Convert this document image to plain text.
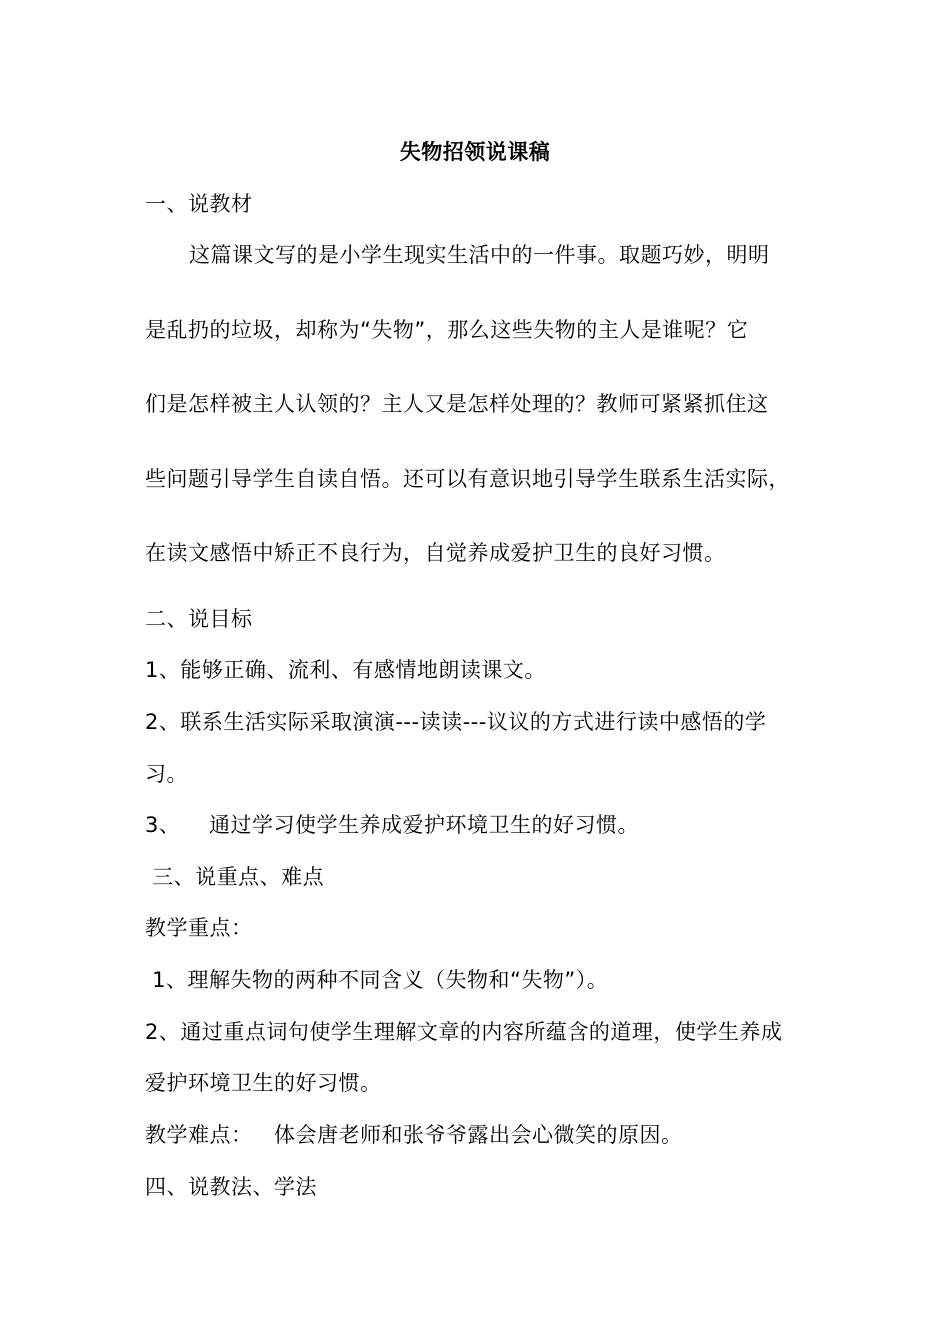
失物招领说课稿
一、说教材
这篇课文写的是小学生现实生活中的一件事。取题巧妙，明明
是乱扔的垃圾，却称为“失物”，那么这些失物的主人是谁呢？它
们是怎样被主人认领的？主人又是怎样处理的？教师可紧紧抓住这
些问题引导学生自读自悟。还可以有意识地引导学生联系生活实际，
在读文感悟中矫正不良行为，自觉养成爱护卫生的良好习惯。
二、说目标
1、能够正确、流利、有感情地朗读课文。
2、联系生活实际采取演演---读读---议议的方式进行读中感悟的学
习。
3、    通过学习使学生养成爱护环境卫生的好习惯。
三、说重点、难点
教学重点：
1、理解失物的两种不同含义（失物和“失物”）。
2、通过重点词句使学生理解文章的内容所蕴含的道理，使学生养成
爱护环境卫生的好习惯。
教学难点：   体会唐老师和张爷爷露出会心微笑的原因。
四、说教法、学法
